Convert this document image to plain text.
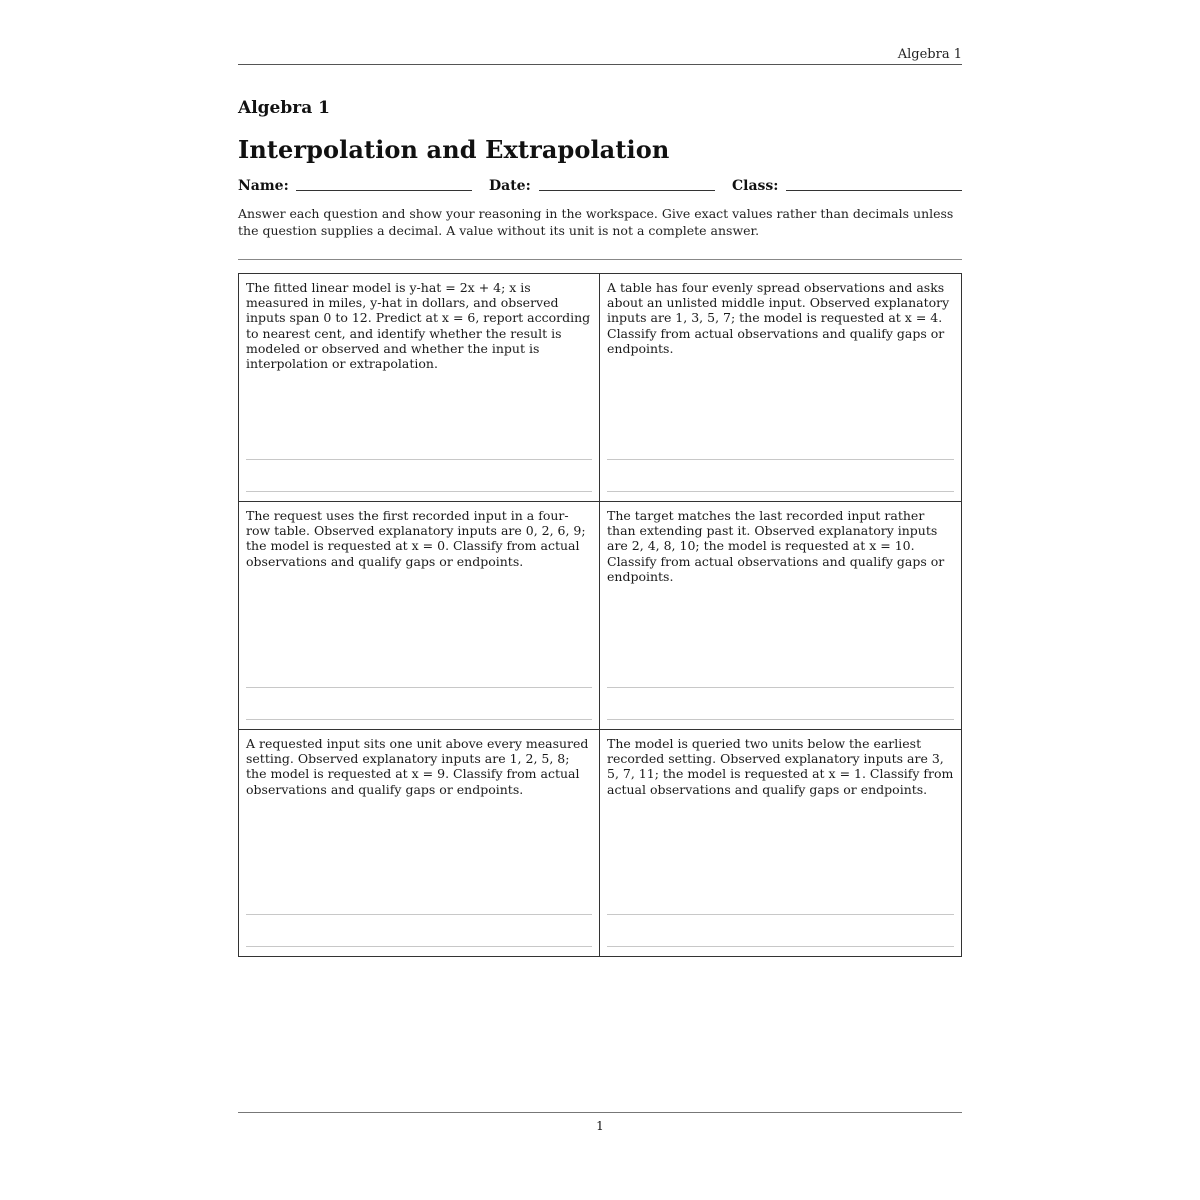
Algebra 1
Algebra 1
Interpolation and Extrapolation
Name:	Date:	Class:
Answer each question and show your reasoning in the workspace. Give exact values rather than decimals unless the question supplies a decimal. A value without its unit is not a complete answer.
The fitted linear model is y-hat = 2x + 4; x is measured in miles, y-hat in dollars, and observed inputs span 0 to 12. Predict at x = 6, report according to nearest cent, and identify whether the result is modeled or observed and whether the input is interpolation or extrapolation.
A table has four evenly spread observations and asks about an unlisted middle input. Observed explanatory inputs are 1, 3, 5, 7; the model is requested at x = 4. Classify from actual observations and qualify gaps or endpoints.
The request uses the first recorded input in a four-row table. Observed explanatory inputs are 0, 2, 6, 9; the model is requested at x = 0. Classify from actual observations and qualify gaps or endpoints.
The target matches the last recorded input rather than extending past it. Observed explanatory inputs are 2, 4, 8, 10; the model is requested at x = 10. Classify from actual observations and qualify gaps or endpoints.
A requested input sits one unit above every measured setting. Observed explanatory inputs are 1, 2, 5, 8; the model is requested at x = 9. Classify from actual observations and qualify gaps or endpoints.
The model is queried two units below the earliest recorded setting. Observed explanatory inputs are 3, 5, 7, 11; the model is requested at x = 1. Classify from actual observations and qualify gaps or endpoints.
1
